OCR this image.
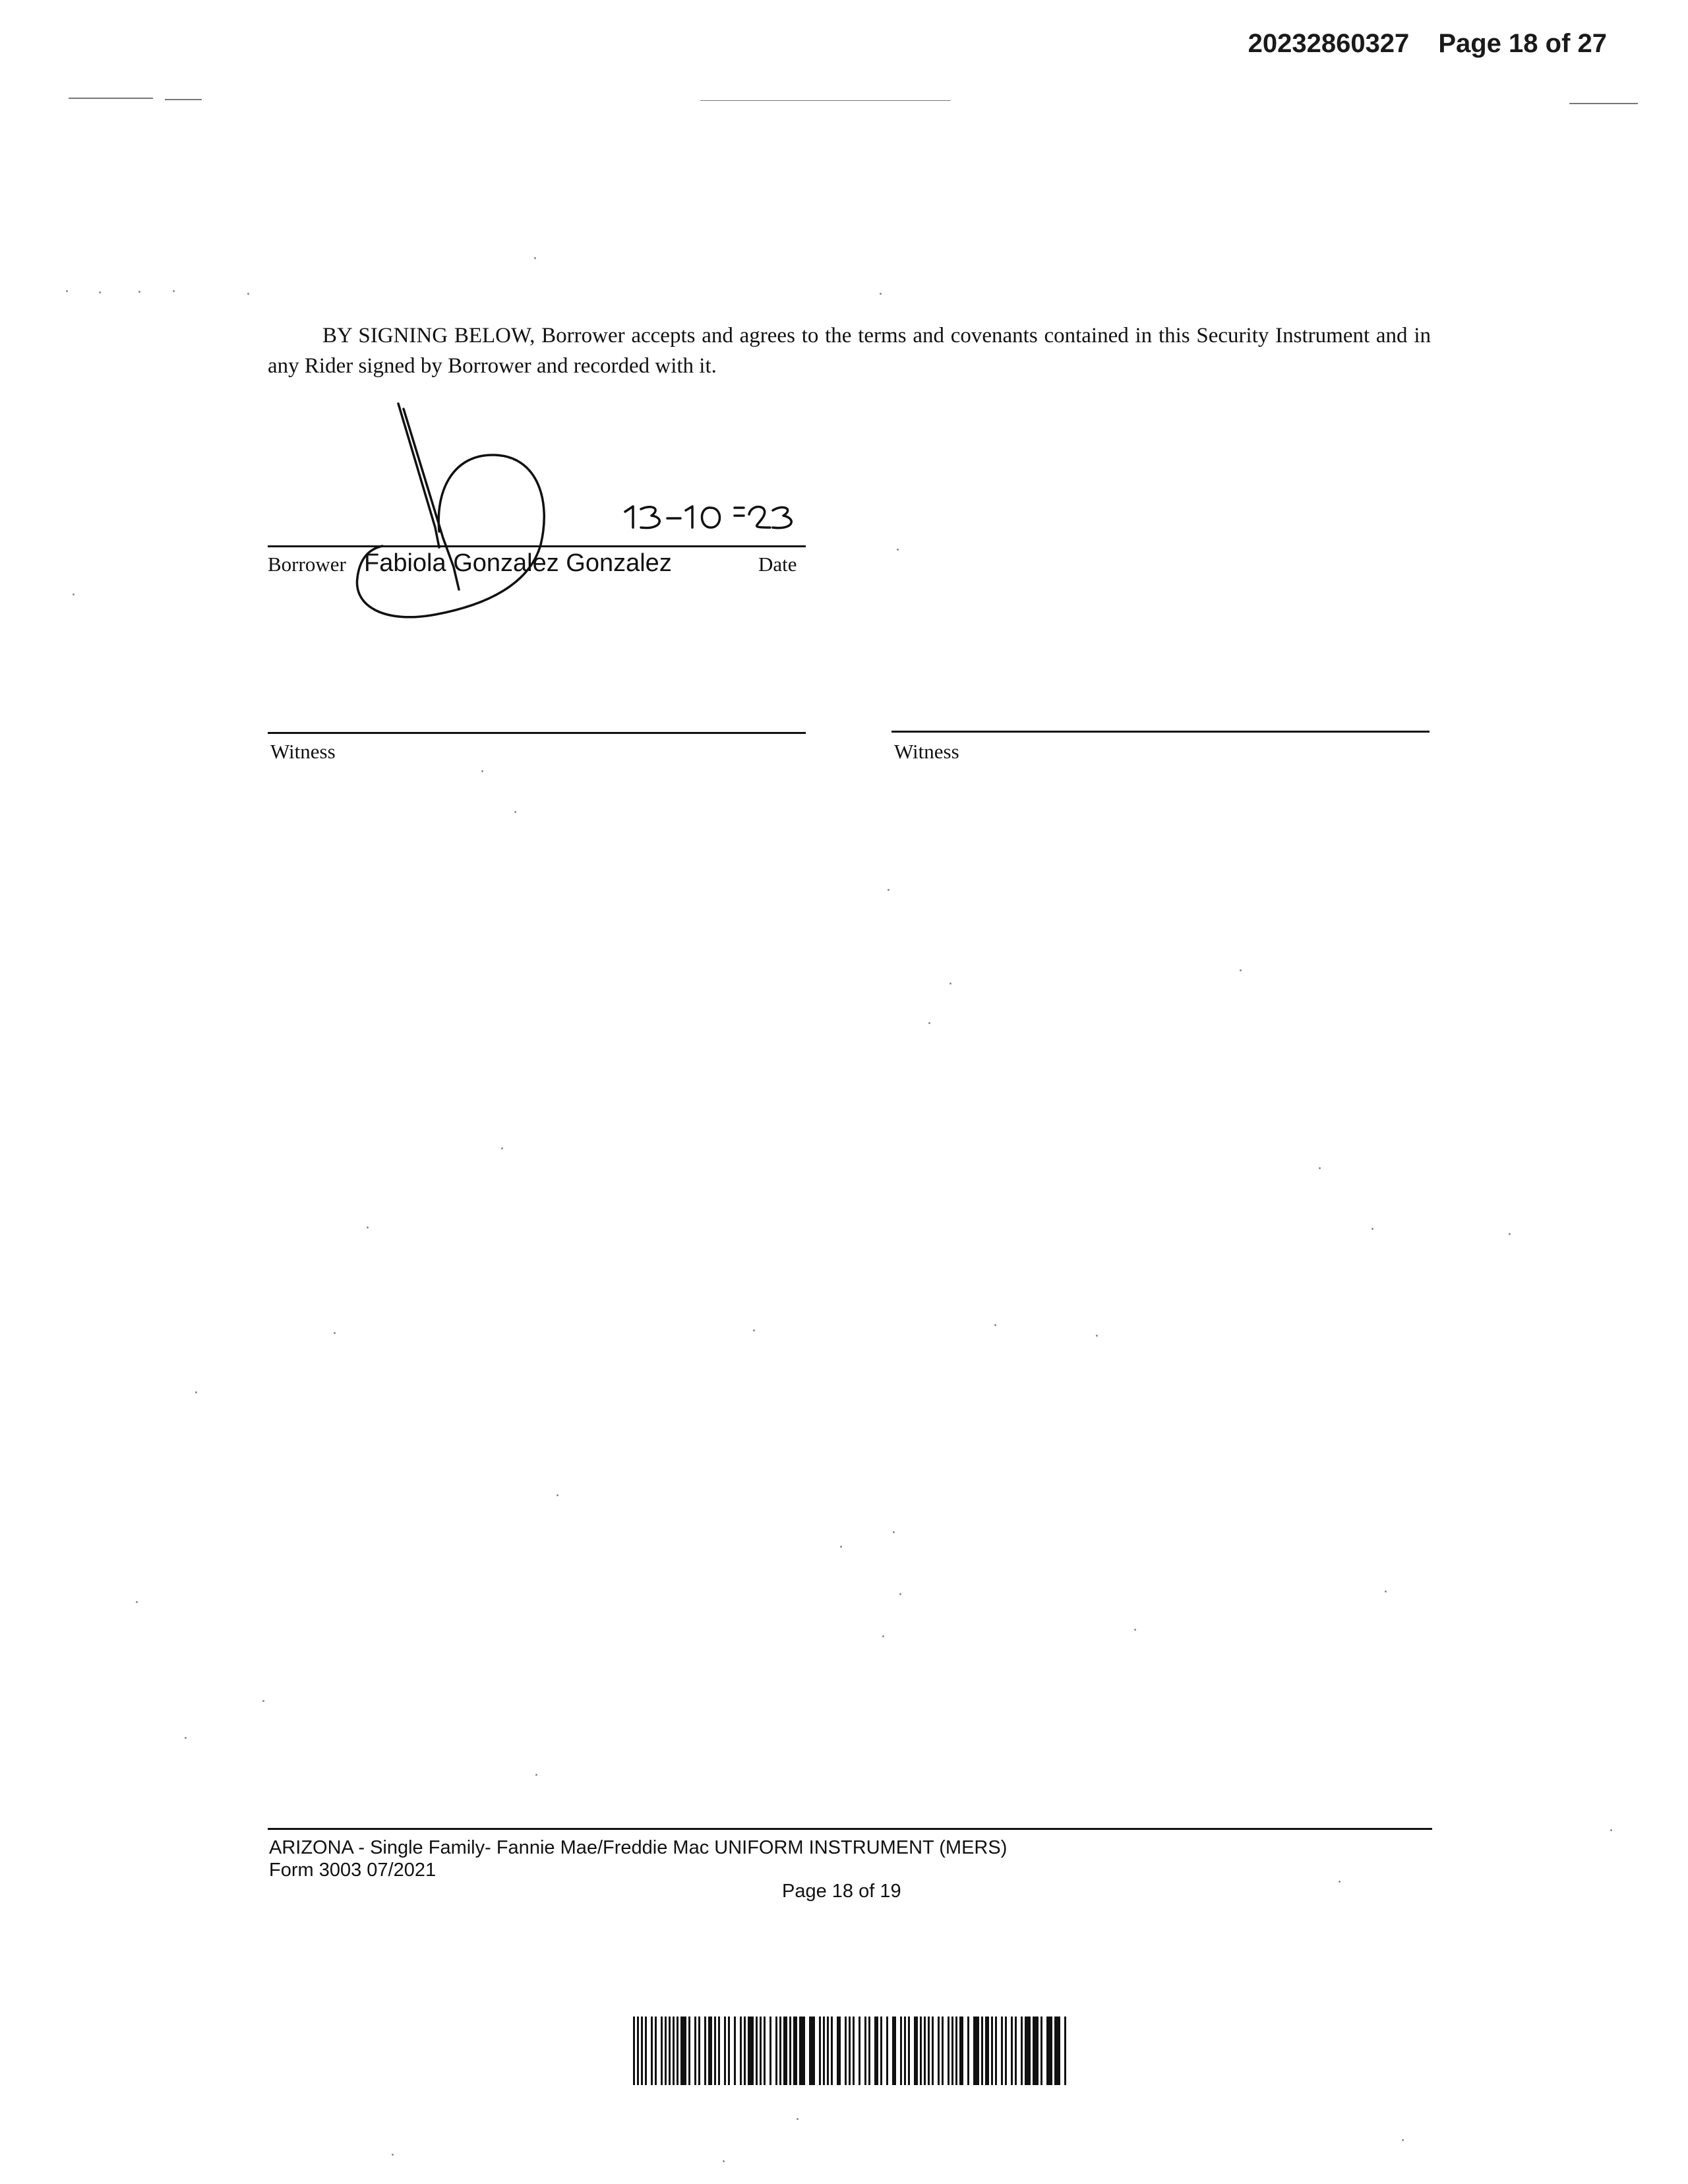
20232860327 Page 18 of 27

BY SIGNING BELOW, Borrower accepts and agrees to the terms and covenants contained in this Security Instrument and in any Rider signed by Borrower and recorded with it.

Borrower Fabiola Gonzalez Gonzalez	Date
Witness	Witness
ARIZONA - Single Family- Fannie Mae/Freddie Mac UNIFORM INSTRUMENT (MERS)
Form 3003 07/2021
Page 18 of 19
